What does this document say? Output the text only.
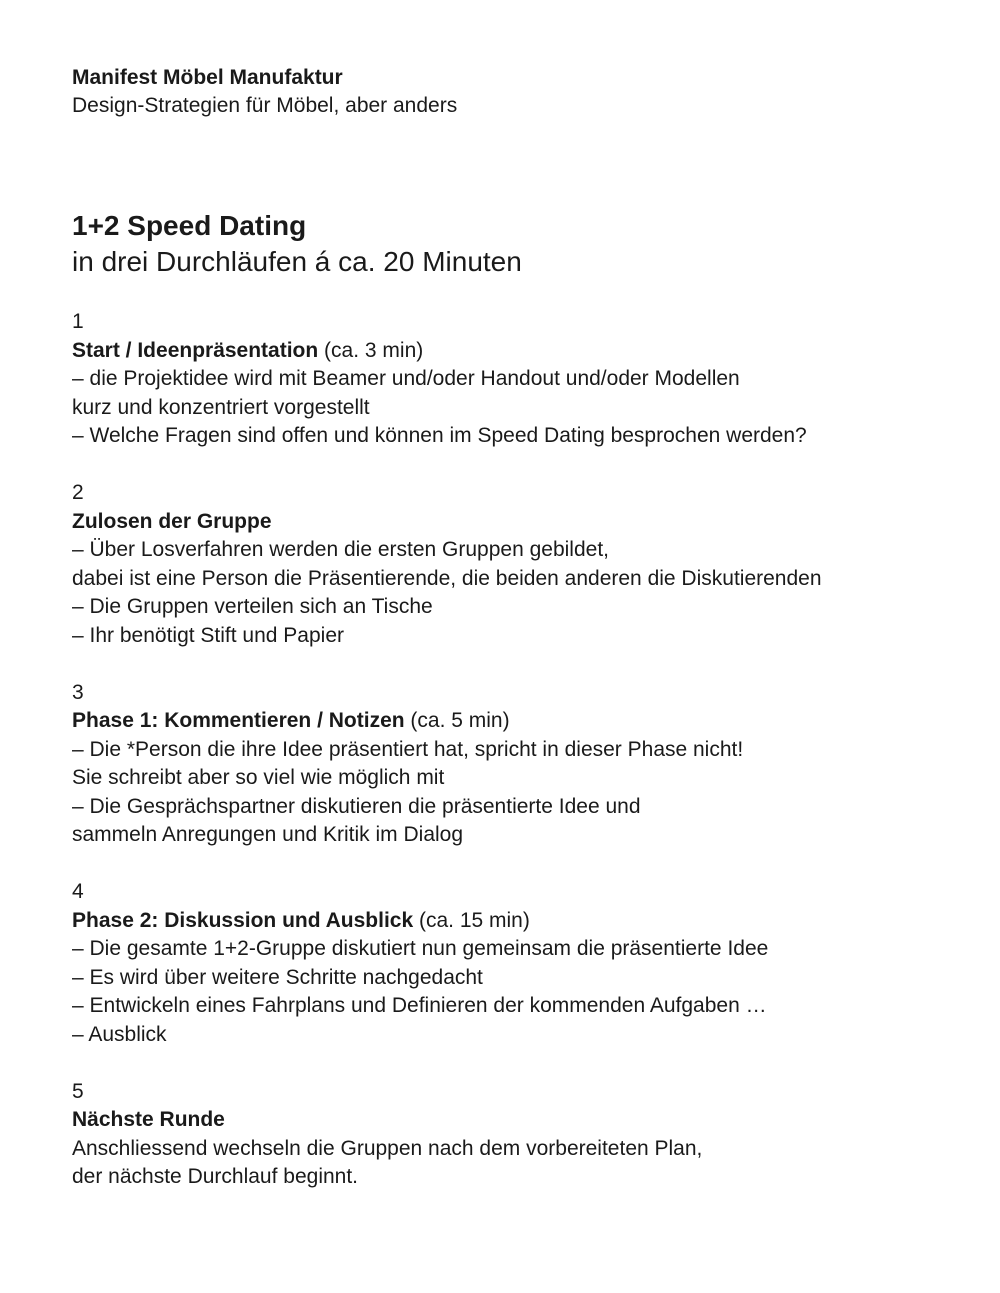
Manifest Möbel Manufaktur

Design-Strategien für Möbel, aber anders

1+2 Speed Dating

in drei Durchläufen á ca. 20 Minuten

1
Start / Ideenpräsentation (ca. 3 min)
– die Projektidee wird mit Beamer und/oder Handout und/oder Modellen
kurz und konzentriert vorgestellt
– Welche Fragen sind offen und können im Speed Dating besprochen werden?
2
Zulosen der Gruppe
– Über Losverfahren werden die ersten Gruppen gebildet,
dabei ist eine Person die Präsentierende, die beiden anderen die Diskutierenden
– Die Gruppen verteilen sich an Tische
– Ihr benötigt Stift und Papier
3
Phase 1: Kommentieren / Notizen (ca. 5 min)
– Die *Person die ihre Idee präsentiert hat, spricht in dieser Phase nicht!
Sie schreibt aber so viel wie möglich mit
– Die Gesprächspartner diskutieren die präsentierte Idee und
sammeln Anregungen und Kritik im Dialog
4
Phase 2: Diskussion und Ausblick (ca. 15 min)
– Die gesamte 1+2-Gruppe diskutiert nun gemeinsam die präsentierte Idee
– Es wird über weitere Schritte nachgedacht
– Entwickeln eines Fahrplans und Definieren der kommenden Aufgaben …
– Ausblick
5
Nächste Runde
Anschliessend wechseln die Gruppen nach dem vorbereiteten Plan,
der nächste Durchlauf beginnt.
